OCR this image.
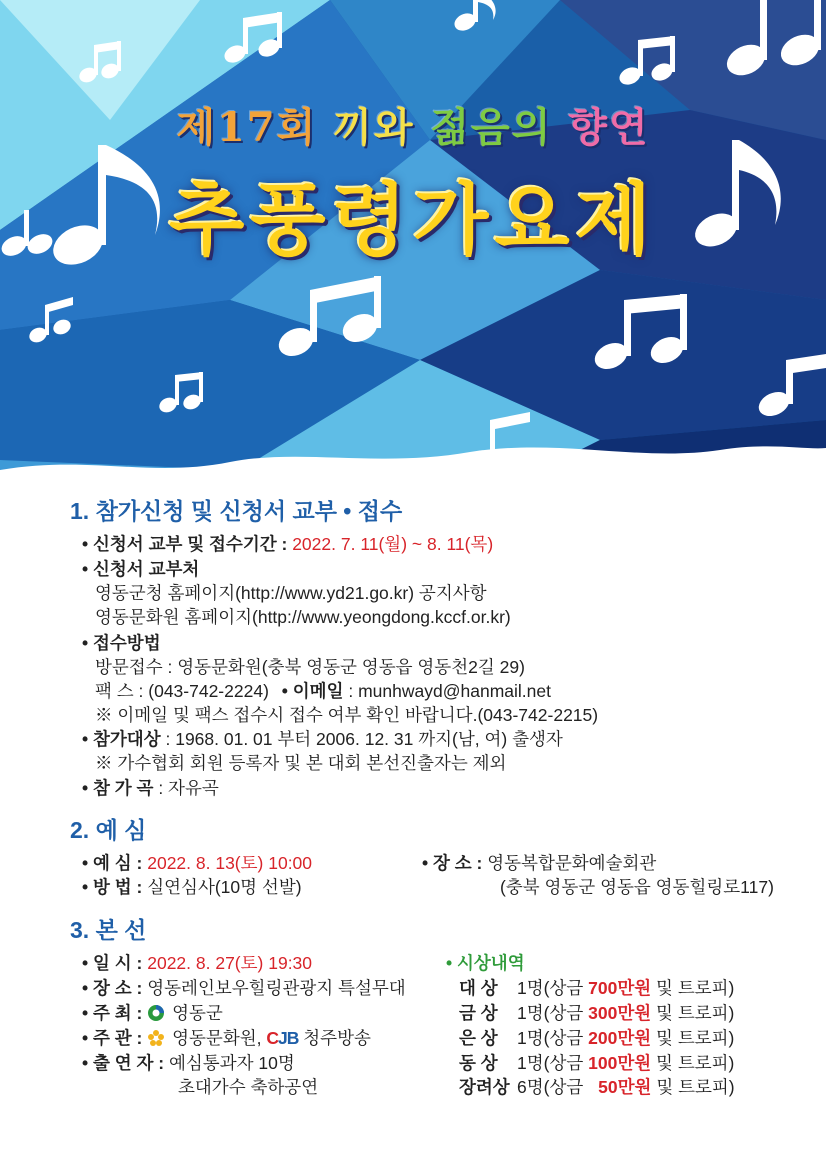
제17회 끼와 젊음의 향연
추풍령가요제
1. 참가신청 및 신청서 교부 • 접수
• 신청서 교부 및 접수기간 : 2022. 7. 11(월) ~ 8. 11(목)
• 신청서 교부처
영동군청 홈페이지(http://www.yd21.go.kr) 공지사항
영동문화원 홈페이지(http://www.yeongdong.kccf.or.kr)
• 접수방법
방문접수 : 영동문화원(충북 영동군 영동읍 영동천2길 29)
팩 스 : (043-742-2224) • 이메일 : munhwayd@hanmail.net
※ 이메일 및 팩스 접수시 접수 여부 확인 바랍니다.(043-742-2215)
• 참가대상 : 1968. 01. 01 부터 2006. 12. 31 까지(남, 여) 출생자
※ 가수협회 회원 등록자 및 본 대회 본선진출자는 제외
• 참 가 곡 : 자유곡
2. 예 심
• 예 심 : 2022. 8. 13(토) 10:00
• 방 법 : 실연심사(10명 선발)
• 장 소 : 영동복합문화예술회관
(충북 영동군 영동읍 영동힐링로117)
3. 본 선
• 일 시 : 2022. 8. 27(토) 19:30
• 장 소 : 영동레인보우힐링관광지 특설무대
• 주 최 : 영동군
• 주 관 : 영동문화원, CJB 청주방송
• 출 연 자 : 예심통과자 10명
초대가수 축하공연
• 시상내역
대 상 1명(상금 700만원 및 트로피)
금 상 1명(상금 300만원 및 트로피)
은 상 1명(상금 200만원 및 트로피)
동 상 1명(상금 100만원 및 트로피)
장려상 6명(상금 50만원 및 트로피)
